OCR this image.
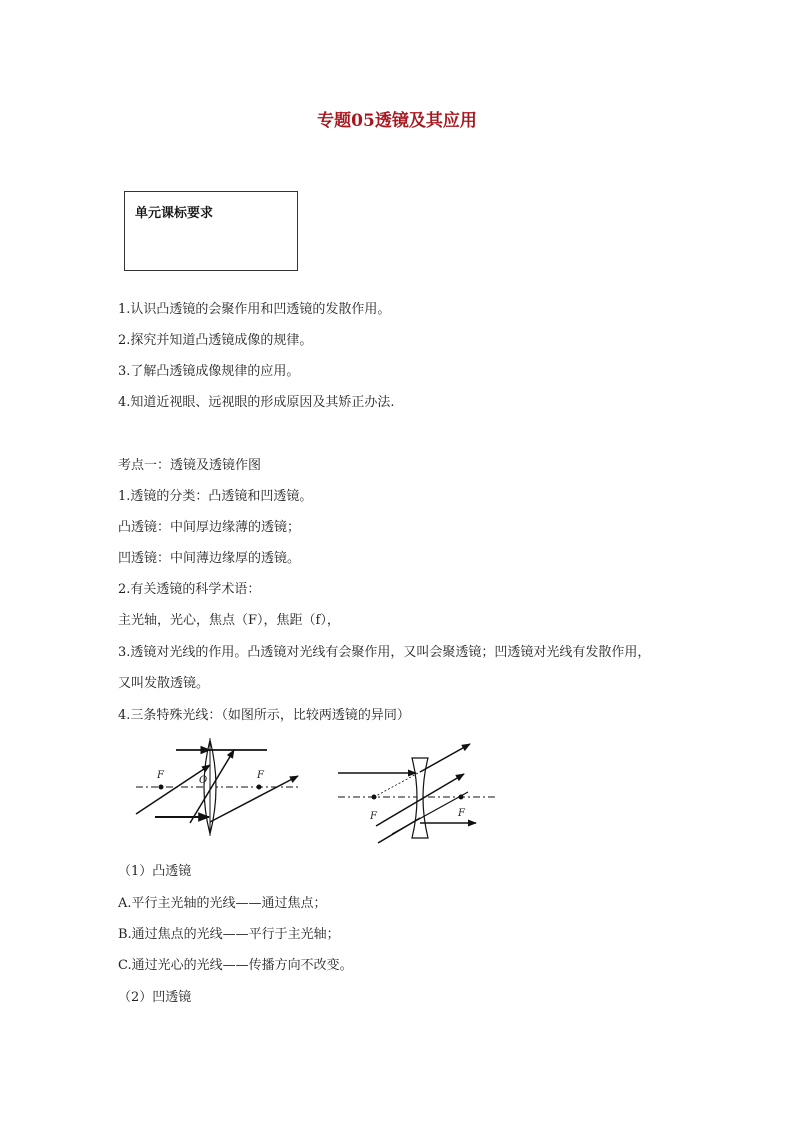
专题05透镜及其应用
单元课标要求
1.认识凸透镜的会聚作用和凹透镜的发散作用。
2.探究并知道凸透镜成像的规律。
3.了解凸透镜成像规律的应用。
4.知道近视眼、远视眼的形成原因及其矫正办法.
考点一：透镜及透镜作图
1.透镜的分类：凸透镜和凹透镜。
凸透镜：中间厚边缘薄的透镜；
凹透镜：中间薄边缘厚的透镜。
2.有关透镜的科学术语：
主光轴，光心，焦点（F），焦距（f），
3.透镜对光线的作用。凸透镜对光线有会聚作用，又叫会聚透镜；凹透镜对光线有发散作用，
又叫发散透镜。
4.三条特殊光线：（如图所示，比较两透镜的异同）
F	O	F
F	F
（1）凸透镜
A.平行主光轴的光线——通过焦点；
B.通过焦点的光线——平行于主光轴；
C.通过光心的光线——传播方向不改变。
（2）凹透镜
